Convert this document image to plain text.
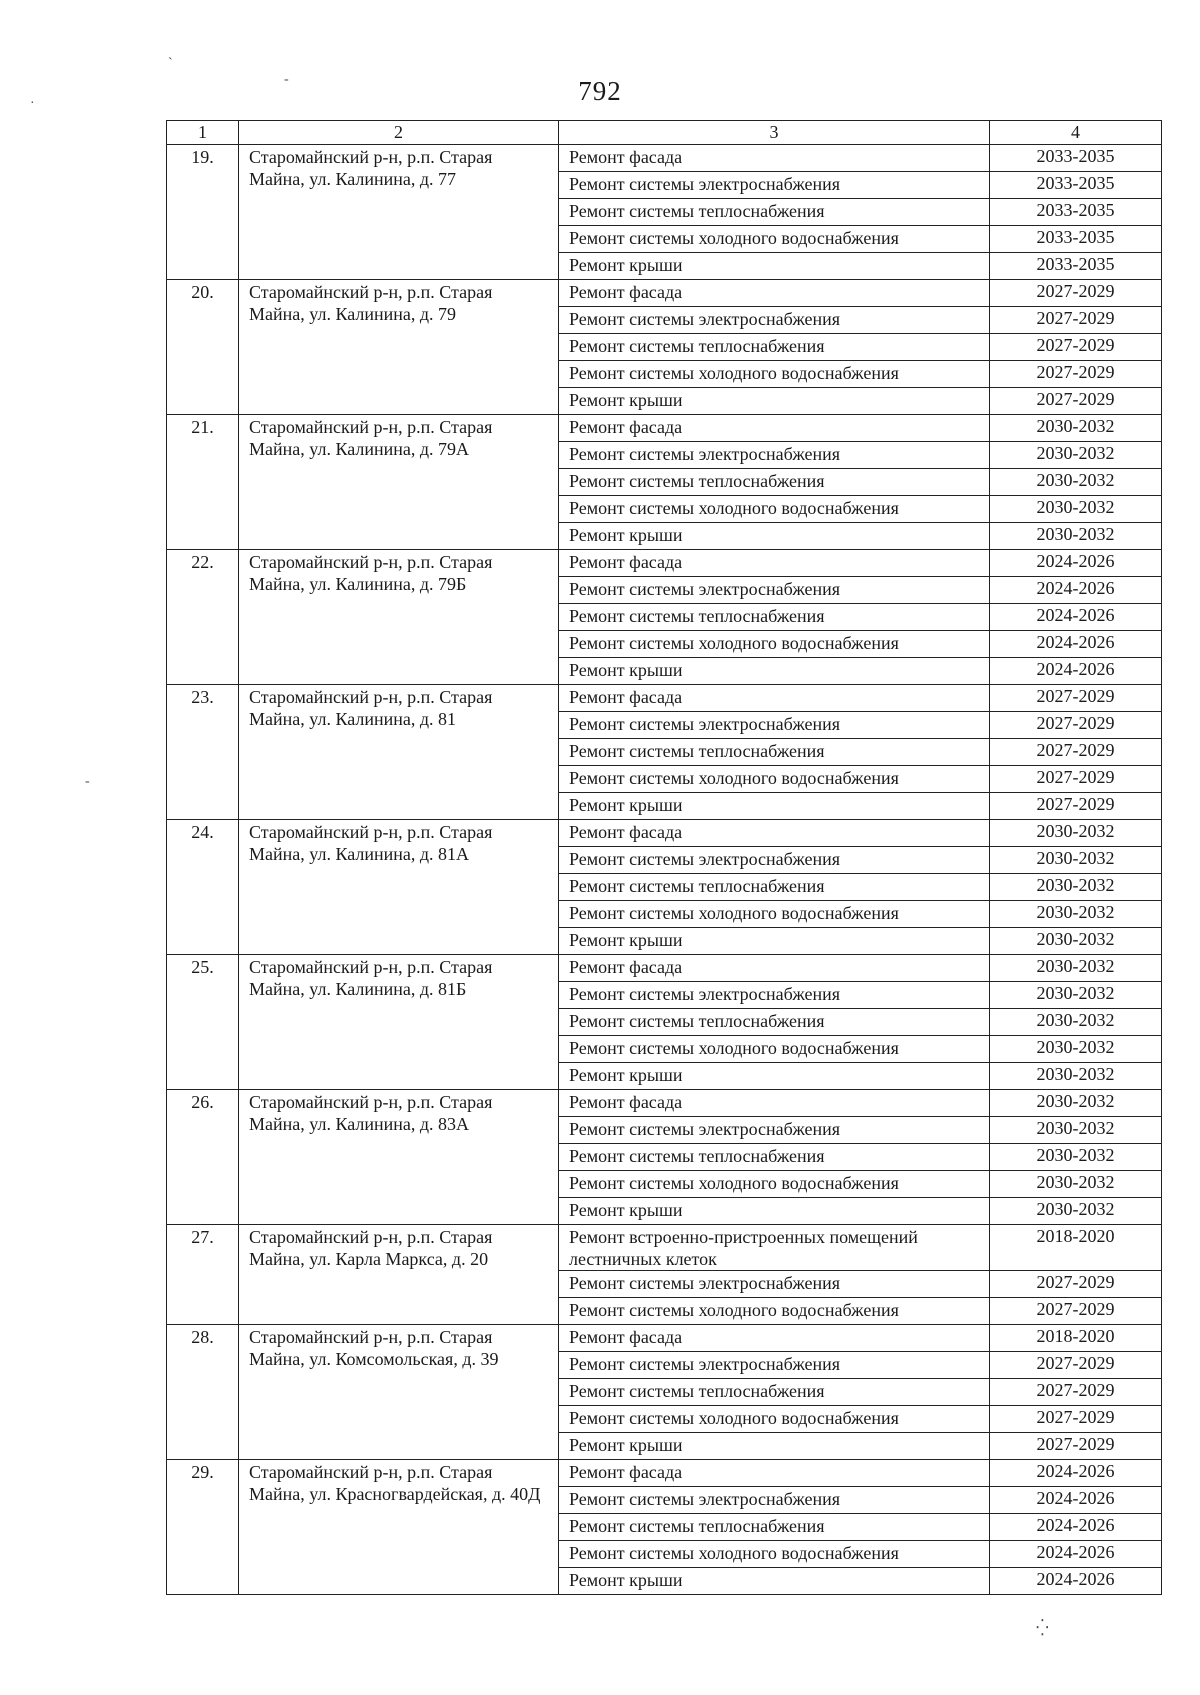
792
1	2	3	4
19.	Старомайнский р-н, р.п. Старая Майна, ул. Калинина, д. 77	Ремонт фасада	2033-2035
		Ремонт системы электроснабжения	2033-2035
		Ремонт системы теплоснабжения	2033-2035
		Ремонт системы холодного водоснабжения	2033-2035
		Ремонт крыши	2033-2035
20.	Старомайнский р-н, р.п. Старая Майна, ул. Калинина, д. 79	Ремонт фасада	2027-2029
		Ремонт системы электроснабжения	2027-2029
		Ремонт системы теплоснабжения	2027-2029
		Ремонт системы холодного водоснабжения	2027-2029
		Ремонт крыши	2027-2029
21.	Старомайнский р-н, р.п. Старая Майна, ул. Калинина, д. 79А	Ремонт фасада	2030-2032
		Ремонт системы электроснабжения	2030-2032
		Ремонт системы теплоснабжения	2030-2032
		Ремонт системы холодного водоснабжения	2030-2032
		Ремонт крыши	2030-2032
22.	Старомайнский р-н, р.п. Старая Майна, ул. Калинина, д. 79Б	Ремонт фасада	2024-2026
		Ремонт системы электроснабжения	2024-2026
		Ремонт системы теплоснабжения	2024-2026
		Ремонт системы холодного водоснабжения	2024-2026
		Ремонт крыши	2024-2026
23.	Старомайнский р-н, р.п. Старая Майна, ул. Калинина, д. 81	Ремонт фасада	2027-2029
		Ремонт системы электроснабжения	2027-2029
		Ремонт системы теплоснабжения	2027-2029
		Ремонт системы холодного водоснабжения	2027-2029
		Ремонт крыши	2027-2029
24.	Старомайнский р-н, р.п. Старая Майна, ул. Калинина, д. 81А	Ремонт фасада	2030-2032
		Ремонт системы электроснабжения	2030-2032
		Ремонт системы теплоснабжения	2030-2032
		Ремонт системы холодного водоснабжения	2030-2032
		Ремонт крыши	2030-2032
25.	Старомайнский р-н, р.п. Старая Майна, ул. Калинина, д. 81Б	Ремонт фасада	2030-2032
		Ремонт системы электроснабжения	2030-2032
		Ремонт системы теплоснабжения	2030-2032
		Ремонт системы холодного водоснабжения	2030-2032
		Ремонт крыши	2030-2032
26.	Старомайнский р-н, р.п. Старая Майна, ул. Калинина, д. 83А	Ремонт фасада	2030-2032
		Ремонт системы электроснабжения	2030-2032
		Ремонт системы теплоснабжения	2030-2032
		Ремонт системы холодного водоснабжения	2030-2032
		Ремонт крыши	2030-2032
27.	Старомайнский р-н, р.п. Старая Майна, ул. Карла Маркса, д. 20	Ремонт встроенно-пристроенных помещений лестничных клеток	2018-2020
		Ремонт системы электроснабжения	2027-2029
		Ремонт системы холодного водоснабжения	2027-2029
28.	Старомайнский р-н, р.п. Старая Майна, ул. Комсомольская, д. 39	Ремонт фасада	2018-2020
		Ремонт системы электроснабжения	2027-2029
		Ремонт системы теплоснабжения	2027-2029
		Ремонт системы холодного водоснабжения	2027-2029
		Ремонт крыши	2027-2029
29.	Старомайнский р-н, р.п. Старая Майна, ул. Красногвардейская, д. 40Д	Ремонт фасада	2024-2026
		Ремонт системы электроснабжения	2024-2026
		Ремонт системы теплоснабжения	2024-2026
		Ремонт системы холодного водоснабжения	2024-2026
		Ремонт крыши	2024-2026
ˋ
-
·
-
⁛
